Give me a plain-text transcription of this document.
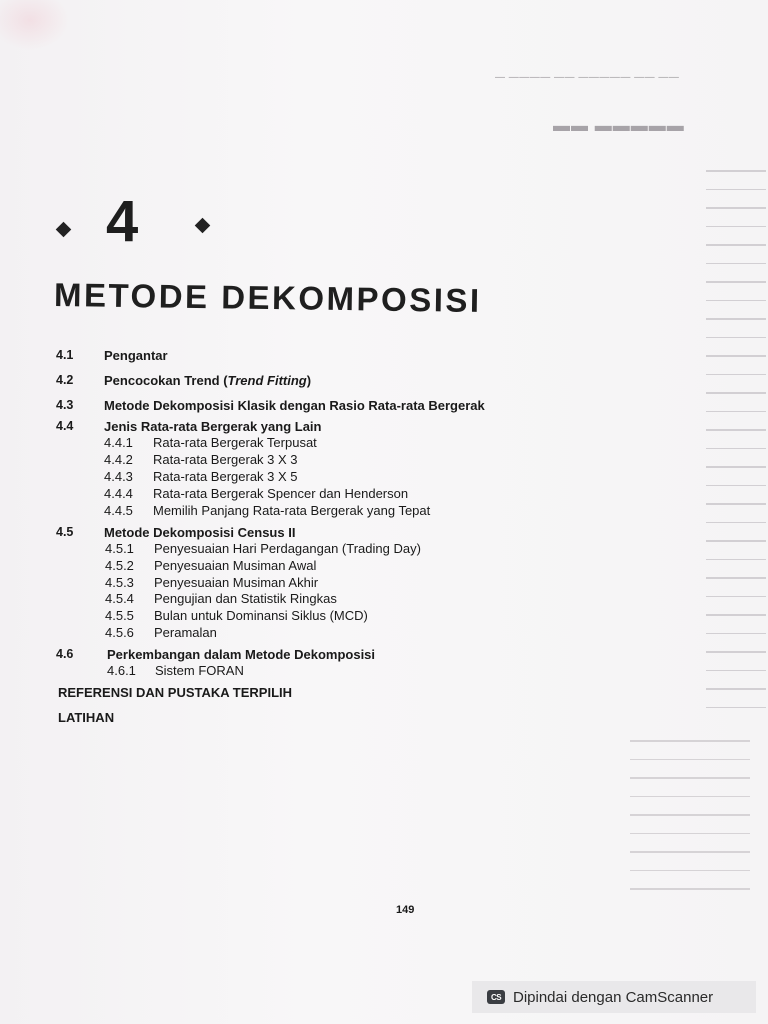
— ———— —— ————— —— ——
▬▬ ▬▬▬▬▬
4
METODE DEKOMPOSISI
4.1 Pengantar
4.2 Pencocokan Trend (Trend Fitting)
4.3 Metode Dekomposisi Klasik dengan Rasio Rata-rata Bergerak
4.4 Jenis Rata-rata Bergerak yang Lain
4.4.1 Rata-rata Bergerak Terpusat
4.4.2 Rata-rata Bergerak 3 X 3
4.4.3 Rata-rata Bergerak 3 X 5
4.4.4 Rata-rata Bergerak Spencer dan Henderson
4.4.5 Memilih Panjang Rata-rata Bergerak yang Tepat
4.5 Metode Dekomposisi Census II
4.5.1 Penyesuaian Hari Perdagangan (Trading Day)
4.5.2 Penyesuaian Musiman Awal
4.5.3 Penyesuaian Musiman Akhir
4.5.4 Pengujian dan Statistik Ringkas
4.5.5 Bulan untuk Dominansi Siklus (MCD)
4.5.6 Peramalan
4.6	Perkembangan dalam Metode Dekomposisi
4.6.1 Sistem FORAN
REFERENSI DAN PUSTAKA TERPILIH
LATIHAN
149
CS Dipindai dengan CamScanner
